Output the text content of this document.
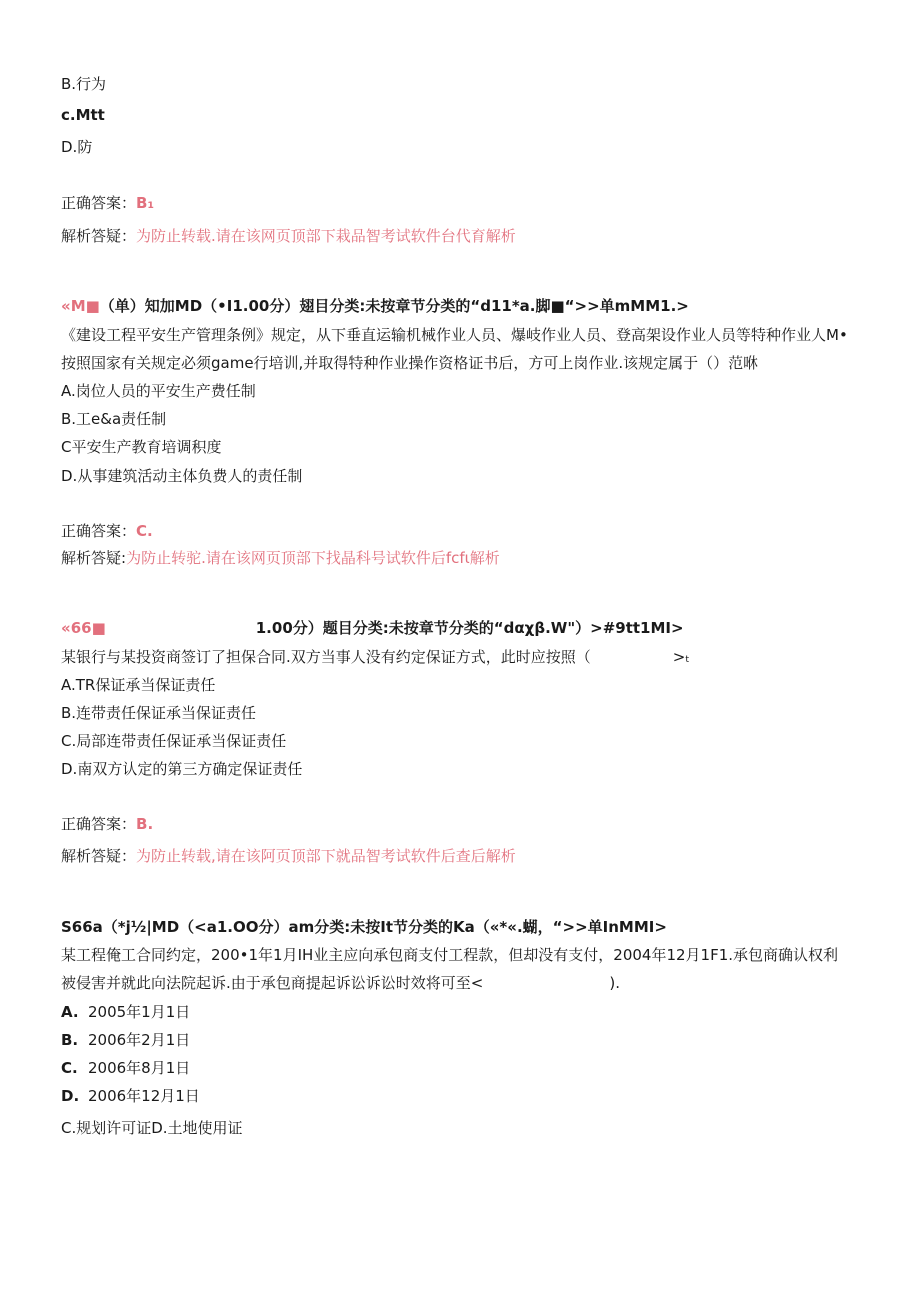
B.行为
c.Mtt
D.防
正确答案：B₁
解析答疑：为防止转载.请在该网页顶部下栽品智考试软件台代育解析
«M■（单）知加MD（•I1.00分）翅目分类:未按章节分类的“d11*a.脚■“>>单mMM1.>
《建设工程平安生产管理条例》规定，从下垂直运输机械作业人员、爆岐作业人员、登高架设作业人员等特种作业人M•
按照国家有关规定必须game行培训,并取得特种作业操作资格证书后，方可上岗作业.该规定属于（）范咻
A.岗位人员的平安生产费任制
B.工e&a责任制
C平安生产教育培调积度
D.从事建筑活动主体负费人的责任制
正确答案：C.
解析答疑:为防止转驼.请在该网页顶部下找晶科号试软件后fcfι解析
«66■	1.00分）题目分类:未按章节分类的“dαχβ.W"）>#9tt1MI>
某银行与某投资商签订了担保合同.双方当事人没有约定保证方式，此时应按照（	>ₜ
A.TR保证承当保证责任
B.连带责任保证承当保证责任
C.局部连带责任保证承当保证责任
D.南双方认定的第三方确定保证责任
正确答案：B.
解析答疑：为防止转载,请在该阿页顶部下就品智考试软件后查后解析
S66a（*j½|MD（<a1.OO分）am分类:未按It节分类的Ka（«*«.蝴，“>>单InMMI>
某工程俺工合同约定，200•1年1月IH业主应向承包商支付工程款，但却没有支付，2004年12月1F1.承包商确认权利
被侵害并就此向法院起诉.由于承包商提起诉讼诉讼时效将可至<	).
A. 2005年1月1日
B. 2006年2月1日
C. 2006年8月1日
D. 2006年12月1日
C.规划许可证D.土地使用证
